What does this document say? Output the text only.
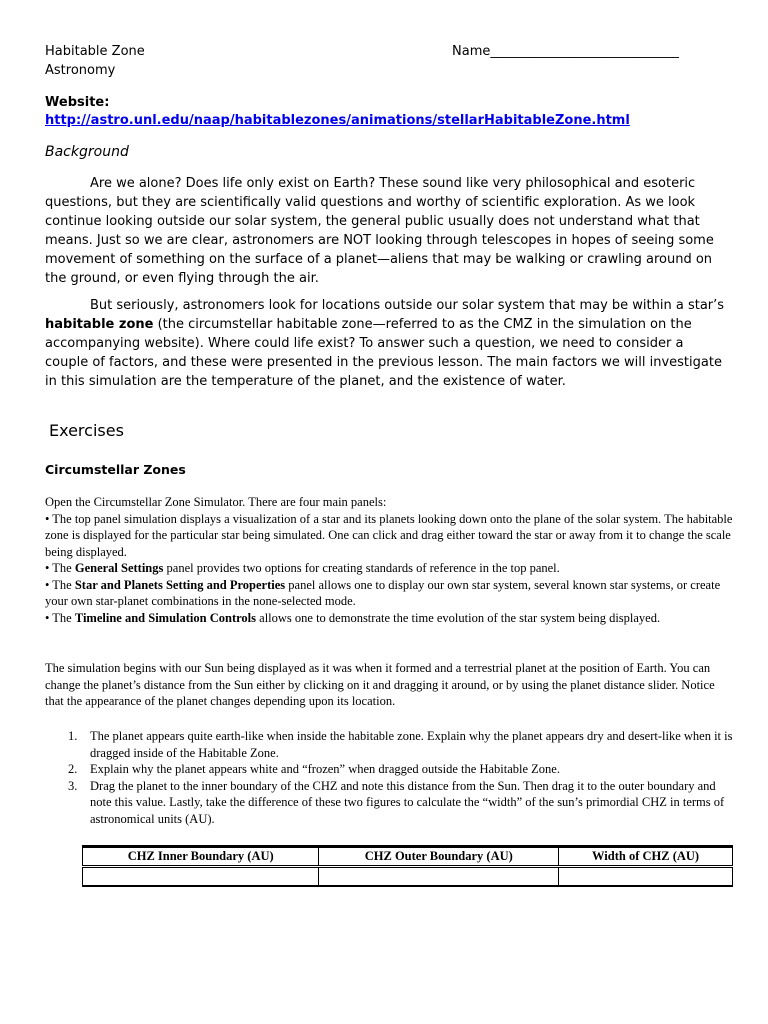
Habitable Zone
Astronomy
Name_____________________________
Website:
http://astro.unl.edu/naap/habitablezones/animations/stellarHabitableZone.html
Background

Are we alone? Does life only exist on Earth? These sound like very philosophical and esoteric questions, but they are scientifically valid questions and worthy of scientific exploration. As we look continue looking outside our solar system, the general public usually does not understand what that means. Just so we are clear, astronomers are NOT looking through telescopes in hopes of seeing some movement of something on the surface of a planet—aliens that may be walking or crawling around on the ground, or even flying through the air.

But seriously, astronomers look for locations outside our solar system that may be within a star’s habitable zone (the circumstellar habitable zone—referred to as the CMZ in the simulation on the accompanying website). Where could life exist? To answer such a question, we need to consider a couple of factors, and these were presented in the previous lesson. The main factors we will investigate in this simulation are the temperature of the planet, and the existence of water.

Exercises
Circumstellar Zones

Open the Circumstellar Zone Simulator. There are four main panels:

• The top panel simulation displays a visualization of a star and its planets looking down onto the plane of the solar system. The habitable zone is displayed for the particular star being simulated. One can click and drag either toward the star or away from it to change the scale being displayed.

• The General Settings panel provides two options for creating standards of reference in the top panel.

• The Star and Planets Setting and Properties panel allows one to display our own star system, several known star systems, or create your own star-planet combinations in the none-selected mode.

• The Timeline and Simulation Controls allows one to demonstrate the time evolution of the star system being displayed.

The simulation begins with our Sun being displayed as it was when it formed and a terrestrial planet at the position of Earth. You can change the planet’s distance from the Sun either by clicking on it and dragging it around, or by using the planet distance slider. Notice that the appearance of the planet changes depending upon its location.

1. The planet appears quite earth-like when inside the habitable zone. Explain why the planet appears dry and desert-like when it is dragged inside of the Habitable Zone.
2. Explain why the planet appears white and “frozen” when dragged outside the Habitable Zone.
3. Drag the planet to the inner boundary of the CHZ and note this distance from the Sun. Then drag it to the outer boundary and note this value. Lastly, take the difference of these two figures to calculate the “width” of the sun’s primordial CHZ in terms of astronomical units (AU).
CHZ Inner Boundary (AU)	CHZ Outer Boundary (AU)	Width of CHZ (AU)
